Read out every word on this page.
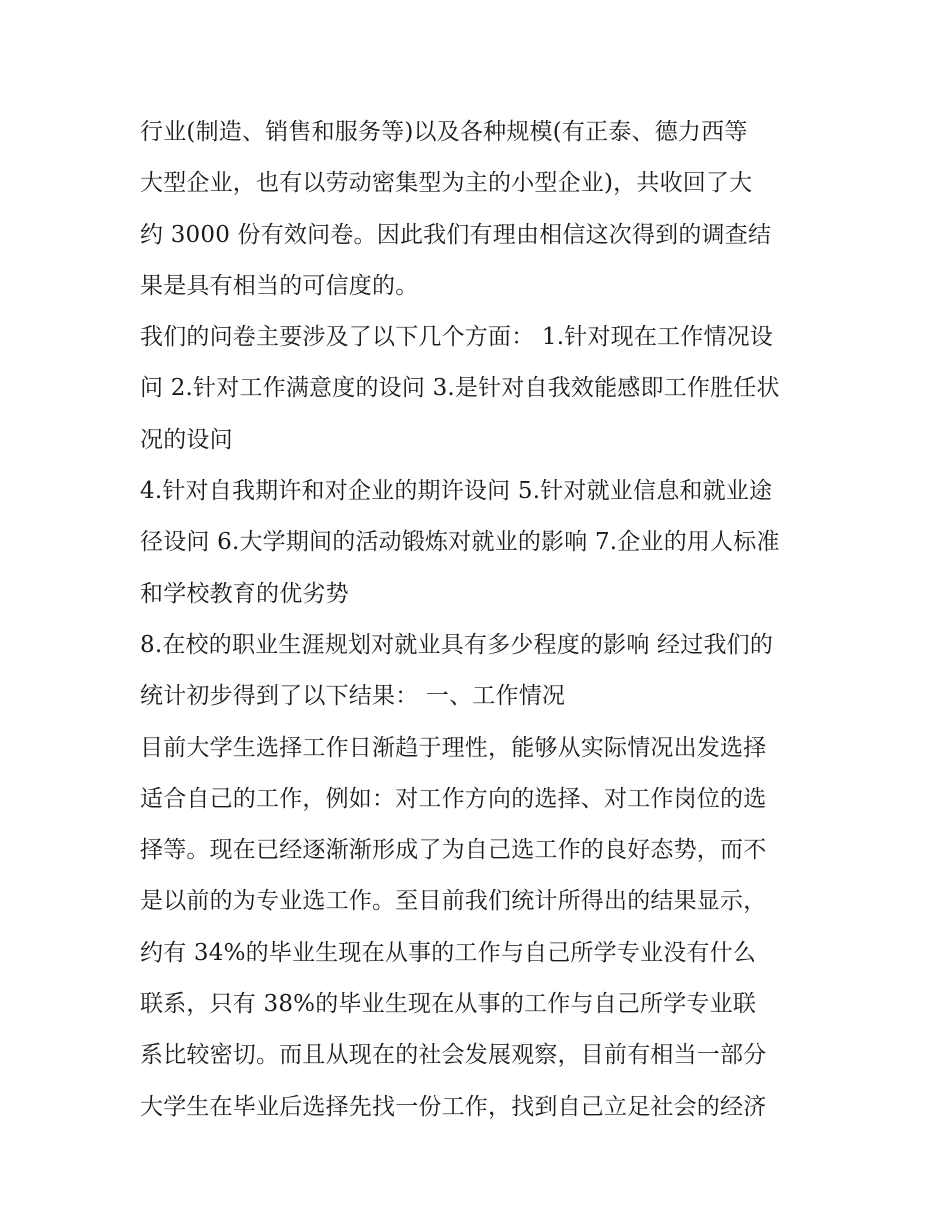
行业(制造、销售和服务等)以及各种规模(有正泰、德力西等
大型企业，也有以劳动密集型为主的小型企业)，共收回了大
约 3000 份有效问卷。因此我们有理由相信这次得到的调查结
果是具有相当的可信度的。
我们的问卷主要涉及了以下几个方面： 1.针对现在工作情况设
问 2.针对工作满意度的设问 3.是针对自我效能感即工作胜任状
况的设问
4.针对自我期许和对企业的期许设问 5.针对就业信息和就业途
径设问 6.大学期间的活动锻炼对就业的影响 7.企业的用人标准
和学校教育的优劣势
8.在校的职业生涯规划对就业具有多少程度的影响 经过我们的
统计初步得到了以下结果： 一、工作情况
目前大学生选择工作日渐趋于理性，能够从实际情况出发选择
适合自己的工作，例如：对工作方向的选择、对工作岗位的选
择等。现在已经逐渐渐形成了为自己选工作的良好态势，而不
是以前的为专业选工作。至目前我们统计所得出的结果显示，
约有 34%的毕业生现在从事的工作与自己所学专业没有什么
联系，只有 38%的毕业生现在从事的工作与自己所学专业联
系比较密切。而且从现在的社会发展观察，目前有相当一部分
大学生在毕业后选择先找一份工作，找到自己立足社会的经济
